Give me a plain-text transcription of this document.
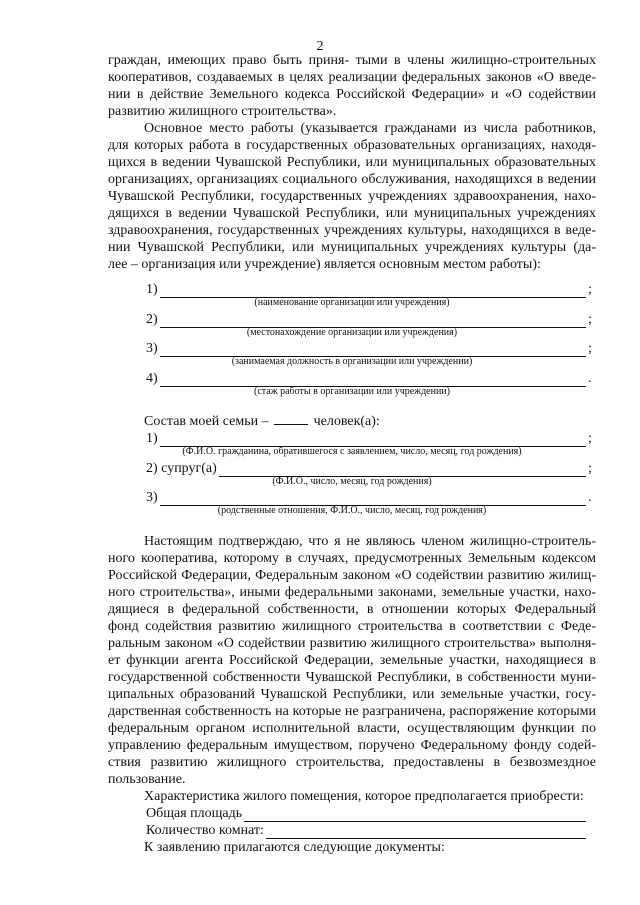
2
граждан, имеющих право быть приня- тыми в члены жилищно-строительных
кооперативов, создаваемых в целях реализации федеральных законов «О введе-
нии в действие Земельного кодекса Российской Федерации» и «О содействии
развитию жилищного строительства».
Основное место работы (указывается гражданами из числа работников,
для которых работа в государственных образовательных организациях, находя-
щихся в ведении Чувашской Республики, или муниципальных образовательных
организациях, организациях социального обслуживания, находящихся в ведении
Чувашской Республики, государственных учреждениях здравоохранения, нахо-
дящихся в ведении Чувашской Республики, или муниципальных учреждениях
здравоохранения, государственных учреждениях культуры, находящихся в веде-
нии Чувашской Республики, или муниципальных учреждениях культуры (да-
лее – организация или учреждение) является основным местом работы):
1)	;
(наименование организации или учреждения)
2)	;
(местонахождение организации или учреждения)
3)	;
(занимаемая должность в организации или учреждении)
4)	.
(стаж работы в организации или учреждении)
Состав моей семьи –	человек(а):
1)	;
(Ф.И.О. гражданина, обратившегося с заявлением, число, месяц, год рождения)
2) супруг(а)	;
(Ф.И.О., число, месяц, год рождения)
3)	.
(родственные отношения, Ф.И.О., число, месяц, год рождения)
Настоящим подтверждаю, что я не являюсь членом жилищно-строитель-
ного кооператива, которому в случаях, предусмотренных Земельным кодексом
Российской Федерации, Федеральным законом «О содействии развитию жилищ-
ного строительства», иными федеральными законами, земельные участки, нахо-
дящиеся в федеральной собственности, в отношении которых Федеральный
фонд содействия развитию жилищного строительства в соответствии с Феде-
ральным законом «О содействии развитию жилищного строительства» выполня-
ет функции агента Российской Федерации, земельные участки, находящиеся в
государственной собственности Чувашской Республики, в собственности муни-
ципальных образований Чувашской Республики, или земельные участки, госу-
дарственная собственность на которые не разграничена, распоряжение которыми
федеральным органом исполнительной власти, осуществляющим функции по
управлению федеральным имуществом, поручено Федеральному фонду содей-
ствия развитию жилищного строительства, предоставлены в безвозмездное
пользование.
Характеристика жилого помещения, которое предполагается приобрести:
Общая площадь
Количество комнат:
К заявлению прилагаются следующие документы:
